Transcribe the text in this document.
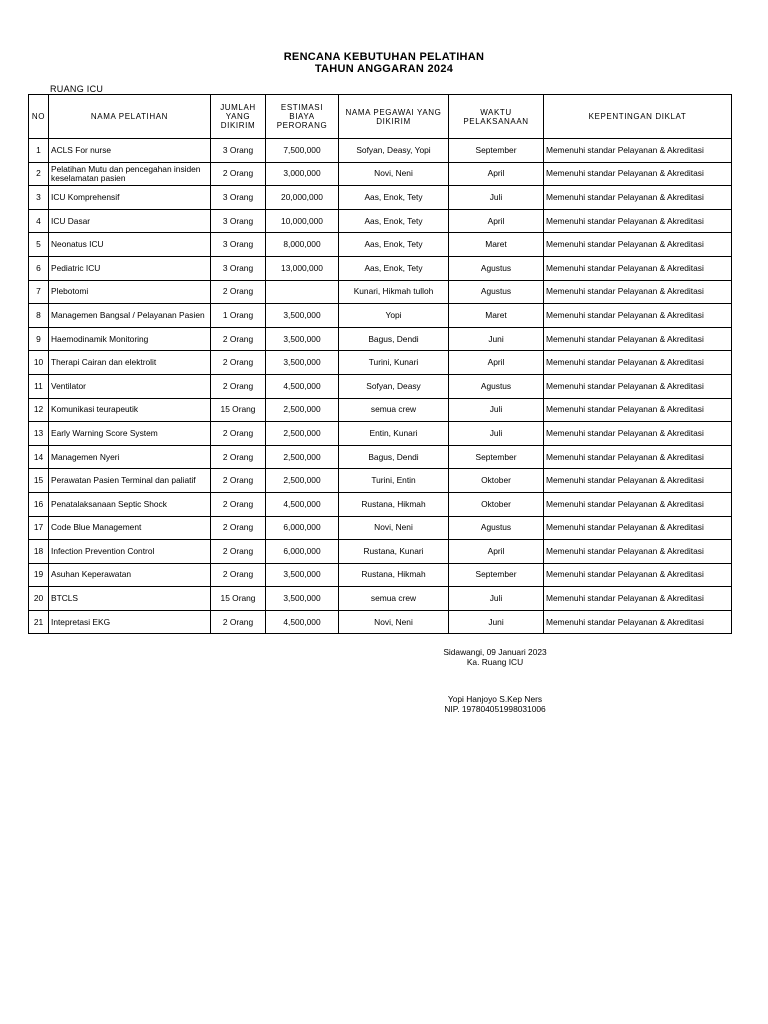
RENCANA KEBUTUHAN PELATIHAN
TAHUN ANGGARAN 2024
RUANG ICU
NO	NAMA PELATIHAN	JUMLAH YANG DIKIRIM	ESTIMASI BIAYA PERORANG	NAMA PEGAWAI YANG DIKIRIM	WAKTU PELAKSANAAN	KEPENTINGAN DIKLAT
1	ACLS For nurse	3 Orang	7,500,000	Sofyan, Deasy, Yopi	September	Memenuhi standar Pelayanan & Akreditasi
2	Pelatihan Mutu dan pencegahan insiden keselamatan pasien	2 Orang	3,000,000	Novi, Neni	April	Memenuhi standar Pelayanan & Akreditasi
3	ICU Komprehensif	3 Orang	20,000,000	Aas, Enok, Tety	Juli	Memenuhi standar Pelayanan & Akreditasi
4	ICU Dasar	3 Orang	10,000,000	Aas, Enok, Tety	April	Memenuhi standar Pelayanan & Akreditasi
5	Neonatus ICU	3 Orang	8,000,000	Aas, Enok, Tety	Maret	Memenuhi standar Pelayanan & Akreditasi
6	Pediatric ICU	3 Orang	13,000,000	Aas, Enok, Tety	Agustus	Memenuhi standar Pelayanan & Akreditasi
7	Plebotomi	2 Orang		Kunari, Hikmah tulloh	Agustus	Memenuhi standar Pelayanan & Akreditasi
8	Managemen Bangsal / Pelayanan Pasien	1 Orang	3,500,000	Yopi	Maret	Memenuhi standar Pelayanan & Akreditasi
9	Haemodinamik Monitoring	2 Orang	3,500,000	Bagus, Dendi	Juni	Memenuhi standar Pelayanan & Akreditasi
10	Therapi Cairan dan elektrolit	2 Orang	3,500,000	Turini, Kunari	April	Memenuhi standar Pelayanan & Akreditasi
11	Ventilator	2 Orang	4,500,000	Sofyan, Deasy	Agustus	Memenuhi standar Pelayanan & Akreditasi
12	Komunikasi teurapeutik	15 Orang	2,500,000	semua crew	Juli	Memenuhi standar Pelayanan & Akreditasi
13	Early Warning Score System	2 Orang	2,500,000	Entin, Kunari	Juli	Memenuhi standar Pelayanan & Akreditasi
14	Managemen Nyeri	2 Orang	2,500,000	Bagus, Dendi	September	Memenuhi standar Pelayanan & Akreditasi
15	Perawatan Pasien Terminal dan paliatif	2 Orang	2,500,000	Turini, Entin	Oktober	Memenuhi standar Pelayanan & Akreditasi
16	Penatalaksanaan Septic Shock	2 Orang	4,500,000	Rustana, Hikmah	Oktober	Memenuhi standar Pelayanan & Akreditasi
17	Code Blue Management	2 Orang	6,000,000	Novi, Neni	Agustus	Memenuhi standar Pelayanan & Akreditasi
18	Infection Prevention Control	2 Orang	6,000,000	Rustana, Kunari	April	Memenuhi standar Pelayanan & Akreditasi
19	Asuhan Keperawatan	2 Orang	3,500,000	Rustana, Hikmah	September	Memenuhi standar Pelayanan & Akreditasi
20	BTCLS	15 Orang	3,500,000	semua crew	Juli	Memenuhi standar Pelayanan & Akreditasi
21	Intepretasi EKG	2 Orang	4,500,000	Novi, Neni	Juni	Memenuhi standar Pelayanan & Akreditasi
Sidawangi, 09 Januari 2023
Ka. Ruang ICU
Yopi Hanjoyo S.Kep Ners
NIP. 197804051998031006
